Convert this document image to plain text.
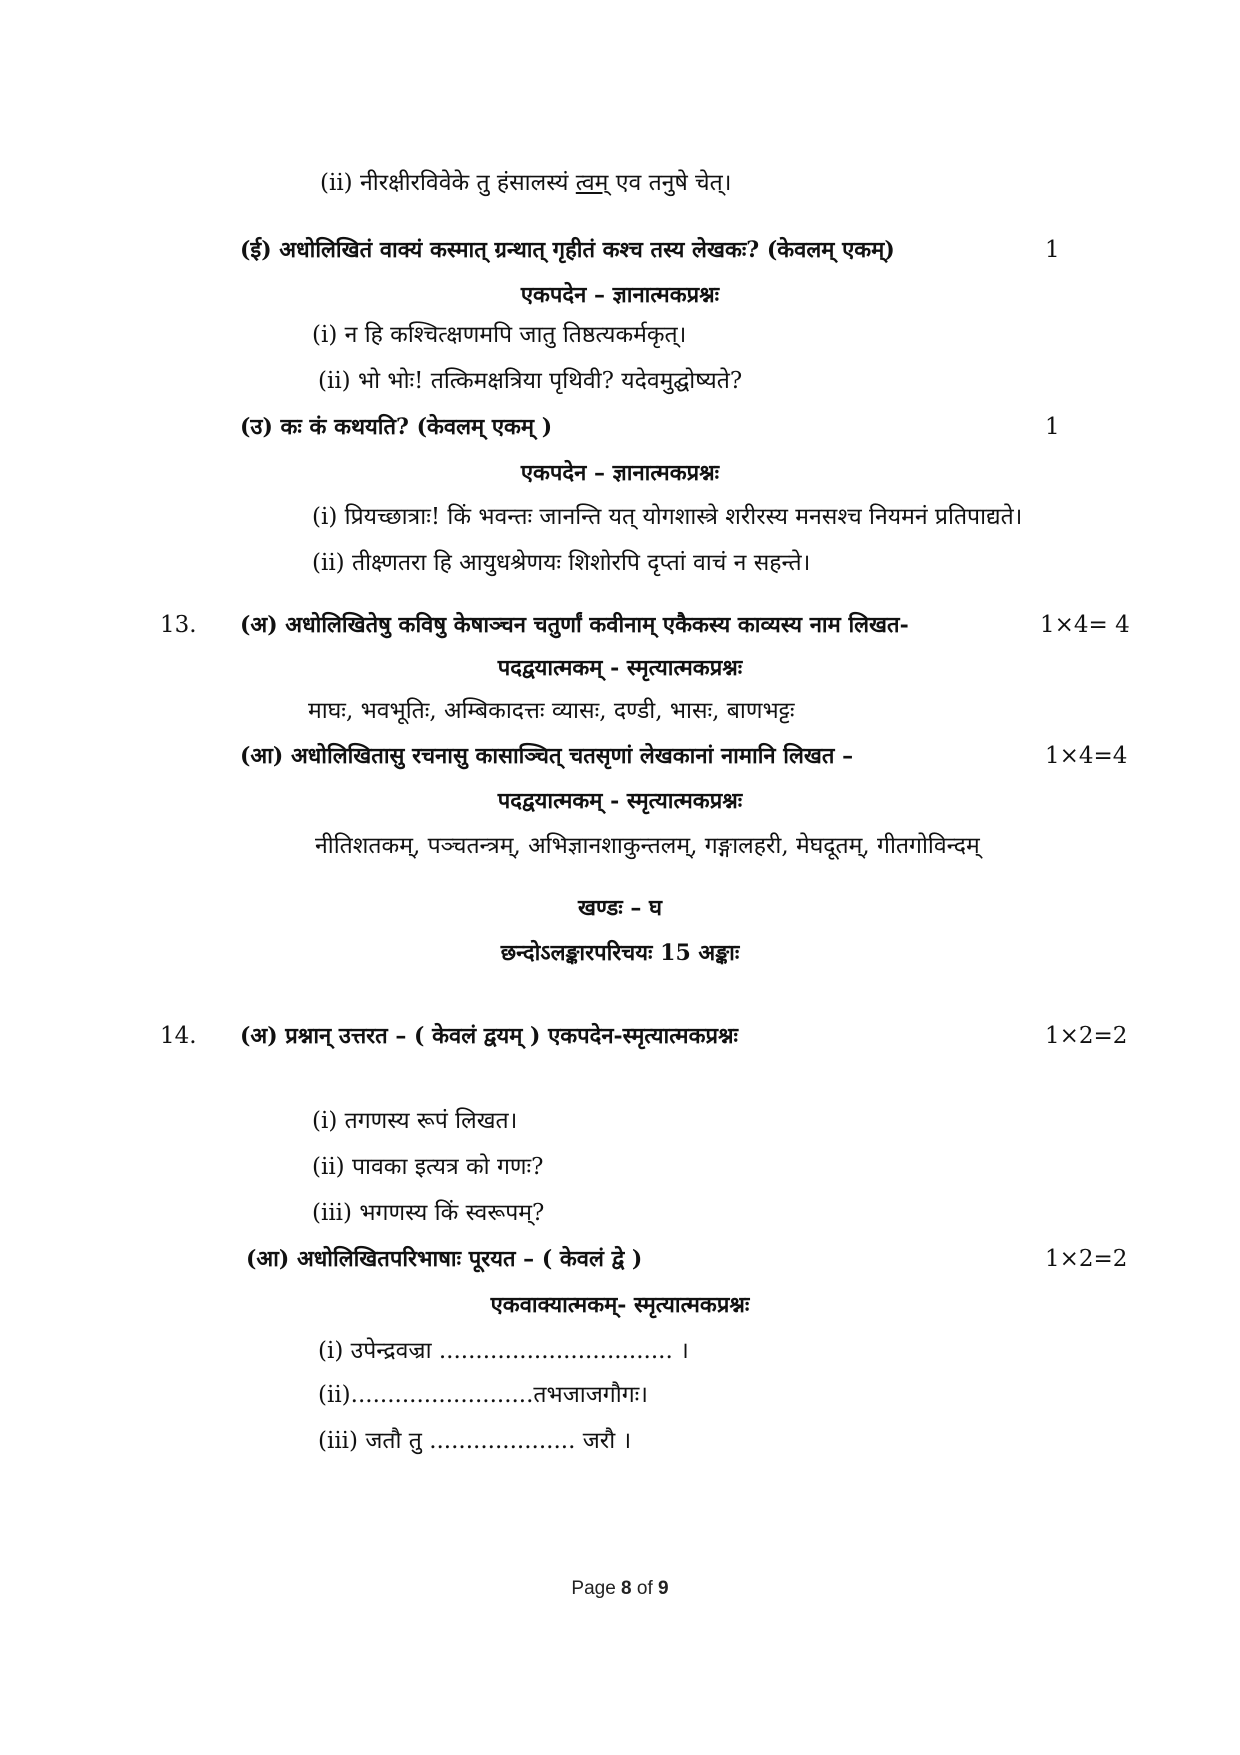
(ii) नीरक्षीरविवेके तु हंसालस्यं त्वम् एव तनुषे चेत्।
(ई) अधोलिखितं वाक्यं कस्मात् ग्रन्थात् गृहीतं कश्च तस्य लेखकः? (केवलम् एकम्)	1
एकपदेन – ज्ञानात्मकप्रश्नः
(i) न हि कश्चित्क्षणमपि जातु तिष्ठत्यकर्मकृत्।
(ii) भो भोः! तत्किमक्षत्रिया पृथिवी? यदेवमुद्घोष्यते?
(उ) कः कं कथयति? (केवलम् एकम् )	1
एकपदेन – ज्ञानात्मकप्रश्नः
(i) प्रियच्छात्राः! किं भवन्तः जानन्ति यत् योगशास्त्रे शरीरस्य मनसश्च नियमनं प्रतिपाद्यते।
(ii) तीक्ष्णतरा हि आयुधश्रेणयः शिशोरपि दृप्तां वाचं न सहन्ते।
13. (अ) अधोलिखितेषु कविषु केषाञ्चन चतुर्णां कवीनाम् एकैकस्य काव्यस्य नाम लिखत-	1×4= 4
पदद्वयात्मकम् - स्मृत्यात्मकप्रश्नः
माघः, भवभूतिः, अम्बिकादत्तः व्यासः, दण्डी, भासः, बाणभट्टः
(आ) अधोलिखितासु रचनासु कासाञ्चित् चतसृणां लेखकानां नामानि लिखत –	1×4=4
पदद्वयात्मकम् - स्मृत्यात्मकप्रश्नः
नीतिशतकम्, पञ्चतन्त्रम्, अभिज्ञानशाकुन्तलम्, गङ्गालहरी, मेघदूतम्, गीतगोविन्दम्
खण्डः – घ
छन्दोऽलङ्कारपरिचयः 15 अङ्काः
14. (अ) प्रश्नान् उत्तरत – ( केवलं द्वयम् ) एकपदेन-स्मृत्यात्मकप्रश्नः	1×2=2
(i) तगणस्य रूपं लिखत।
(ii) पावका इत्यत्र को गणः?
(iii) भगणस्य किं स्वरूपम्?
(आ) अधोलिखितपरिभाषाः पूरयत – ( केवलं द्वे )	1×2=2
एकवाक्यात्मकम्- स्मृत्यात्मकप्रश्नः
(i) उपेन्द्रवज्रा ................................ ।
(ii).........................तभजाजगौगः।
(iii) जतौ तु .................... जरौ ।
Page 8 of 9
